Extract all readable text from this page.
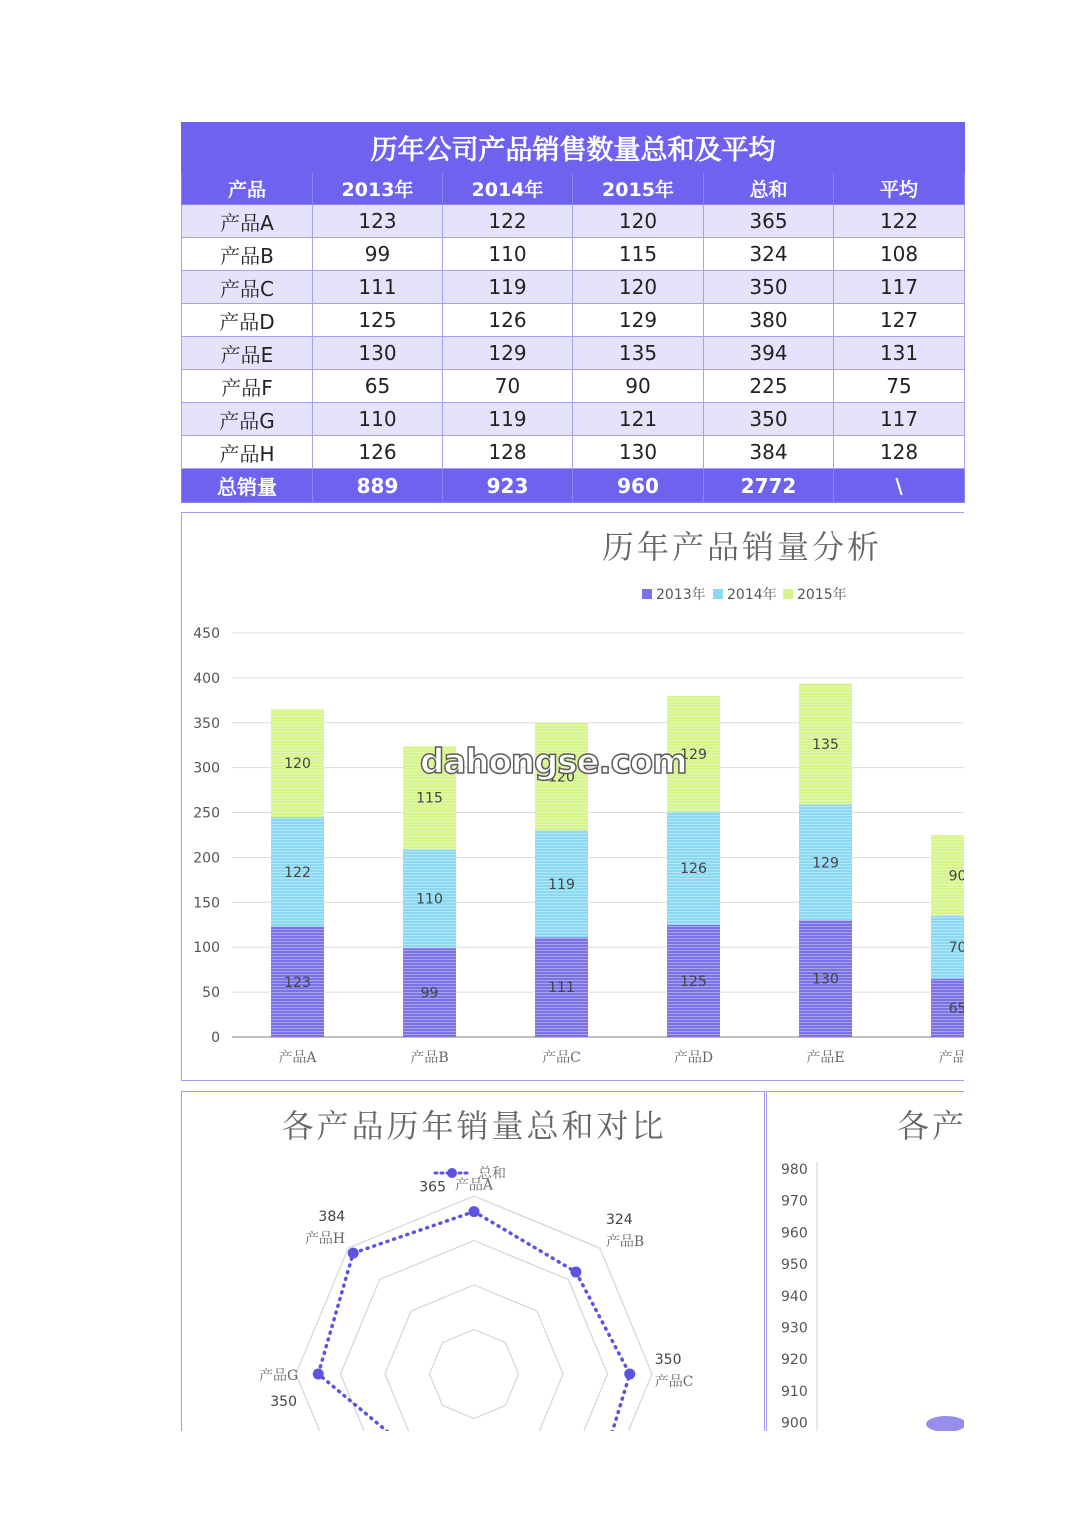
历年公司产品销售数量总和及平均					
产品	2013年	2014年	2015年	总和	平均
产品A	123	122	120	365	122
产品B	99	110	115	324	108
产品C	111	119	120	350	117
产品D	125	126	129	380	127
产品E	130	129	135	394	131
产品F	65	70	90	225	75
产品G	110	119	121	350	117
产品H	126	128	130	384	128
总销量	889	923	960	2772	\
历年产品销量分析
2013年 2014年 2015年
0
50
100
150
200
250
300
350
400
450
123
122
120
产品A
99
110
115
产品B
111
119
120
产品C
125
126
129
产品D
130
129
135
产品E
65
70
90
产品F
dahongse.com
各产品历年销量总和对比
总和
产品A
365
产品B
324
产品C
350
产品G
350
产品H
384
各产
980
970
960
950
940
930
920
910
900
